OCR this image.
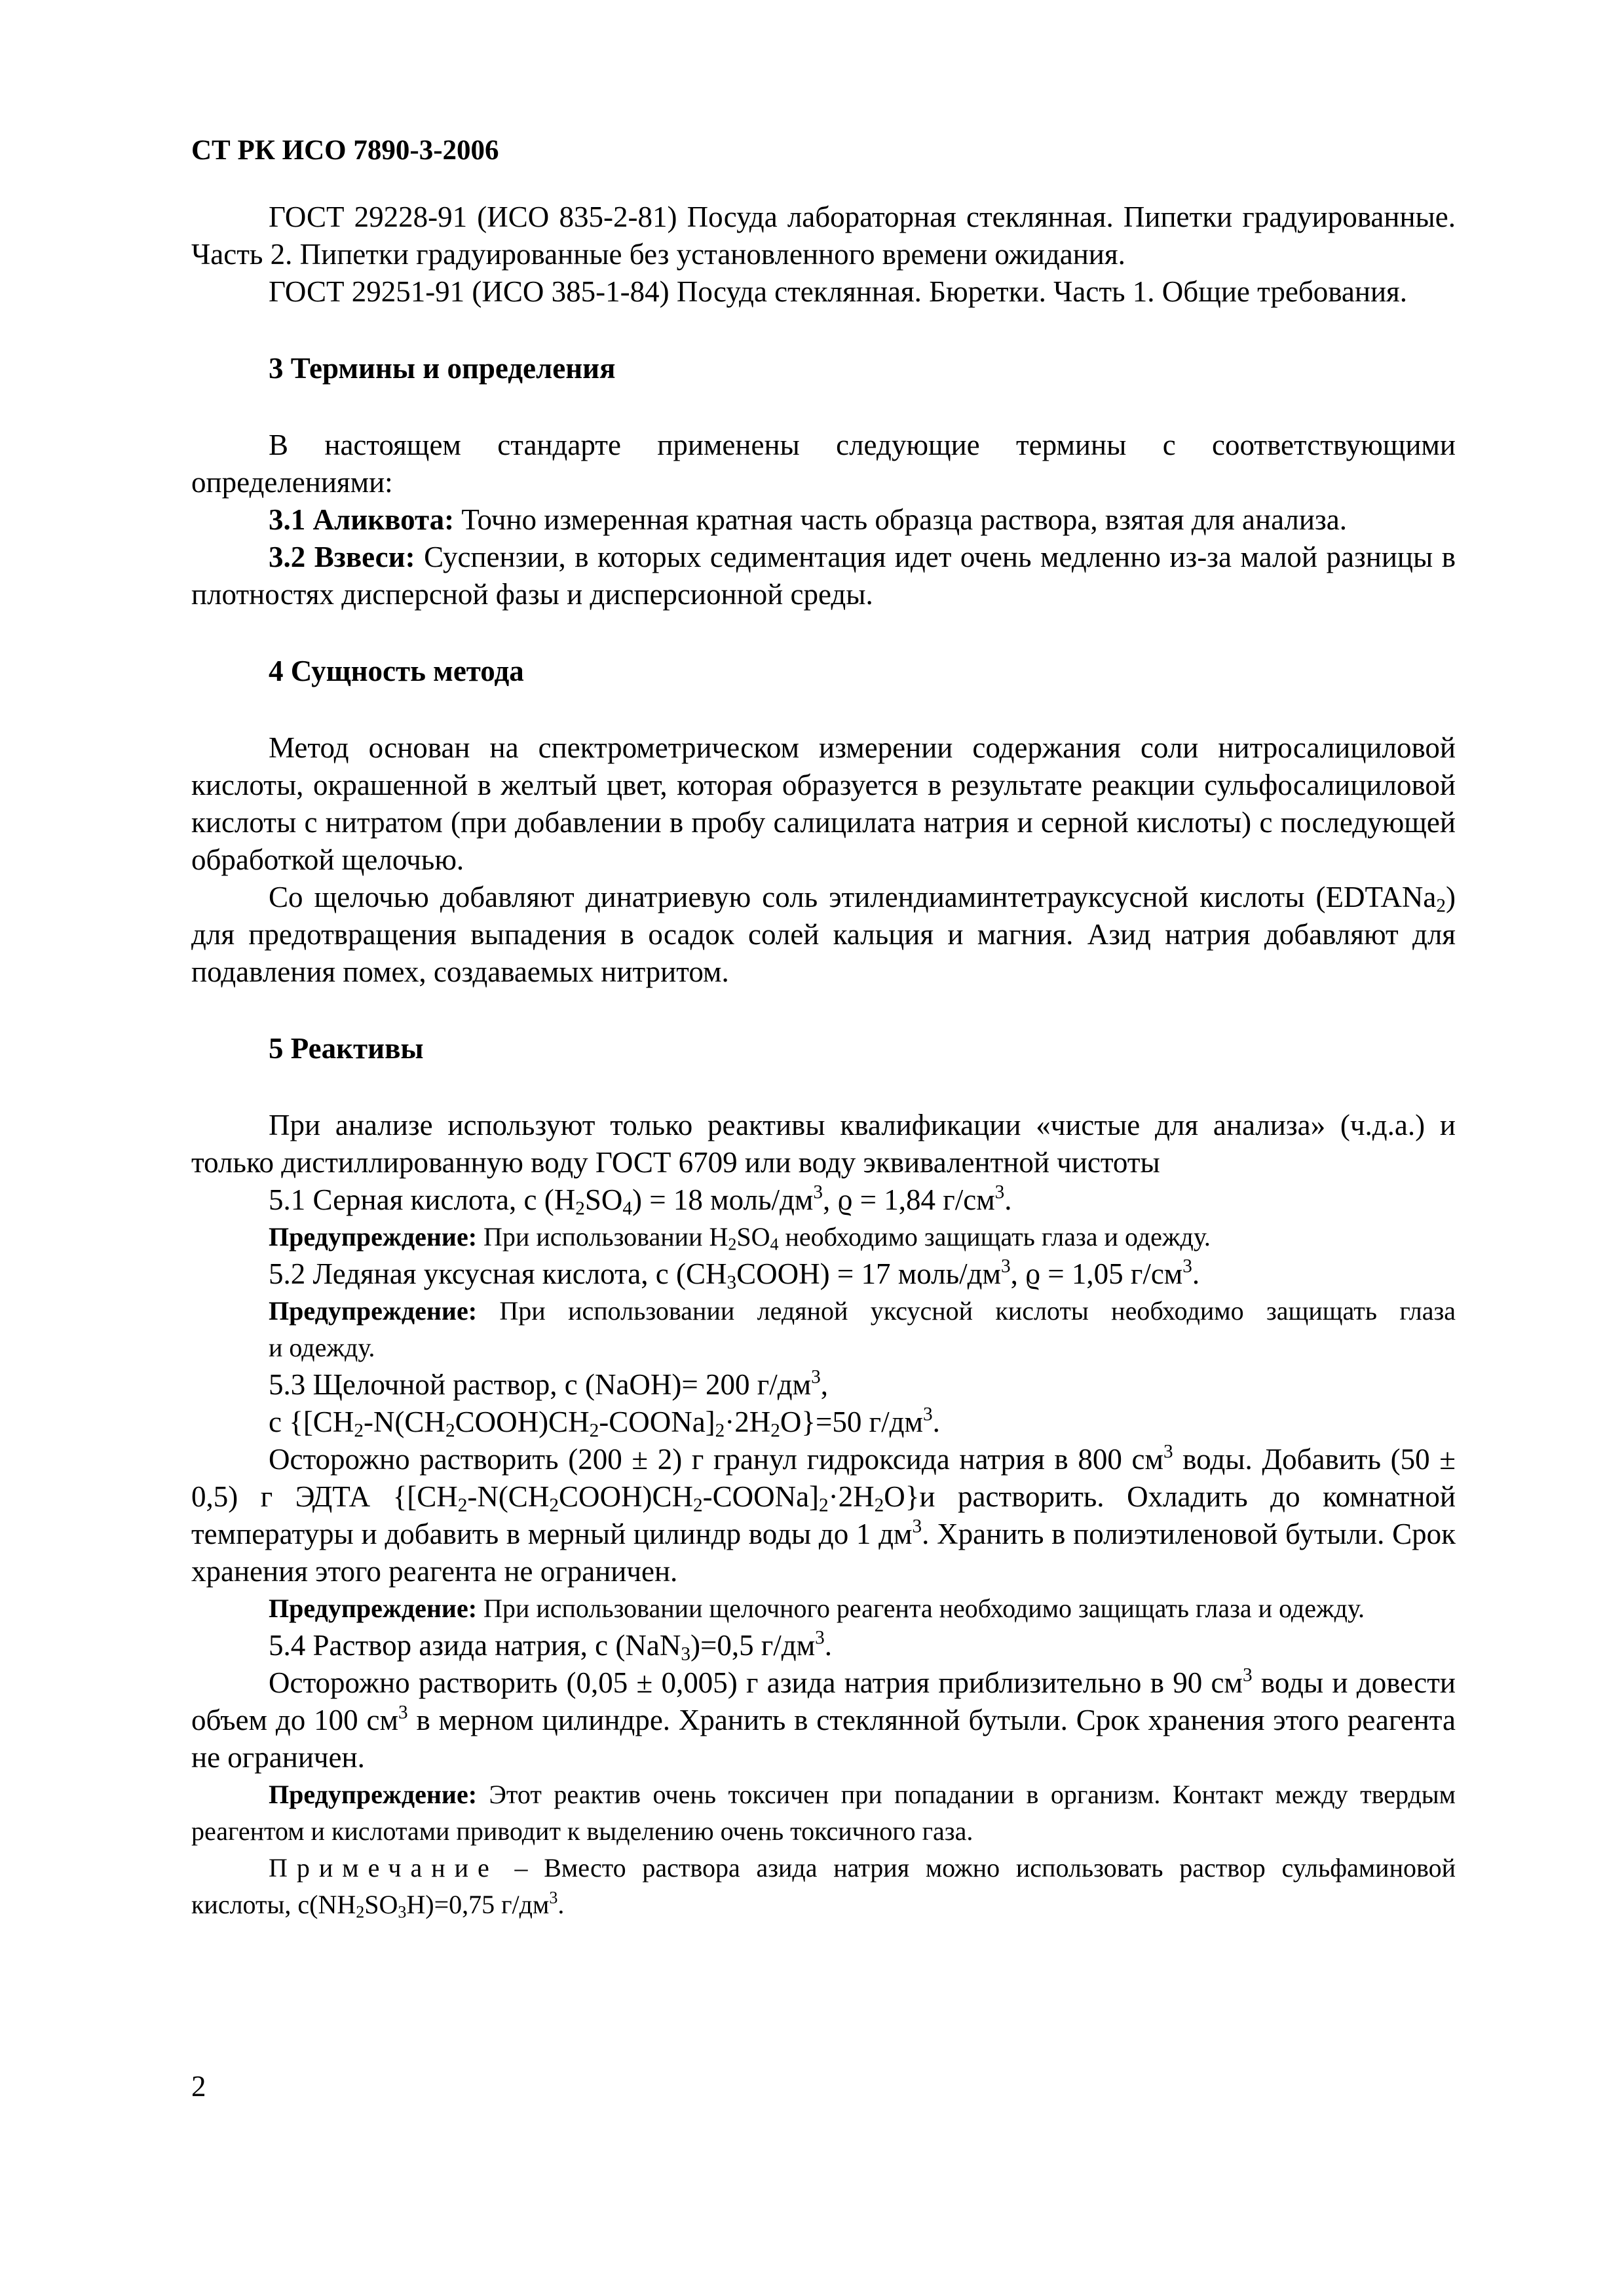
СТ РК ИСО 7890-3-2006

ГОСТ 29228-91 (ИСО 835-2-81) Посуда лабораторная стеклянная. Пипетки градуированные. Часть 2. Пипетки градуированные без установленного времени ожидания.

ГОСТ 29251-91 (ИСО 385-1-84) Посуда стеклянная. Бюретки. Часть 1. Общие требования.

3 Термины и определения

В настоящем стандарте применены следующие термины с соответствующими определениями:

3.1 Аликвота: Точно измеренная кратная часть образца раствора, взятая для анализа.

3.2 Взвеси: Суспензии, в которых седиментация идет очень медленно из-за малой разницы в плотностях дисперсной фазы и дисперсионной среды.

4 Сущность метода

Метод основан на спектрометрическом измерении содержания соли нитросалициловой кислоты, окрашенной в желтый цвет, которая образуется в результате реакции сульфосалициловой кислоты с нитратом (при добавлении в пробу салицилата натрия и серной кислоты) с последующей обработкой щелочью.

Со щелочью добавляют динатриевую соль этилендиаминтетрауксусной кислоты (EDTANa$_2$) для предотвращения выпадения в осадок солей кальция и магния. Азид натрия добавляют для подавления помех, создаваемых нитритом.

5 Реактивы

При анализе используют только реактивы квалификации «чистые для анализа» (ч.д.а.) и только дистиллированную воду ГОСТ 6709 или воду эквивалентной чистоты

5.1 Серная кислота, с $(H_2SO_4) = 18$ моль/$дм^3$, ϱ = 1,84 $г/см^3$.

Предупреждение: При использовании $H_2SO_4$ необходимо защищать глаза и одежду.

5.2 Ледяная уксусная кислота, с $(CH_3COOH) = 17$ моль/$дм^3$, ϱ = 1,05 $г/см^3$.

Предупреждение: При использовании ледяной уксусной кислоты необходимо защищать глаза

и одежду.

5.3 Щелочной раствор, с (NaOH)= 200 $г/дм^3$,

с $\{[CH_2-N(CH_2COOH)CH_2-COONa]_2\cdot 2H_2O\}=50$ $г/дм^3$.

Осторожно растворить (200 ± 2) г гранул гидроксида натрия в 800 $см^3$ воды. Добавить (50 ± 0,5) г ЭДТА $\{[CH_2-N(CH_2COOH)CH_2-COONa]_2\cdot 2H_2O\}и$ растворить. Охладить до комнатной температуры и добавить в мерный цилиндр воды до 1 $дм^3$. Хранить в полиэтиленовой бутыли. Срок хранения этого реагента не ограничен.

Предупреждение: При использовании щелочного реагента необходимо защищать глаза и одежду.

5.4 Раствор азида натрия, с (NaN$_3$)=0,5 $г/дм^3$.

Осторожно растворить (0,05 ± 0,005) г азида натрия приблизительно в 90 $см^3$ воды и довести объем до 100 $см^3$ в мерном цилиндре. Хранить в стеклянной бутыли. Срок хранения этого реагента не ограничен.

Предупреждение: Этот реактив очень токсичен при попадании в организм. Контакт между твердым реагентом и кислотами приводит к выделению очень токсичного газа.

Примечание – Вместо раствора азида натрия можно использовать раствор сульфаминовой кислоты, $с(NH_2SO_3H)=0,75$ $г/дм^3$.

2
